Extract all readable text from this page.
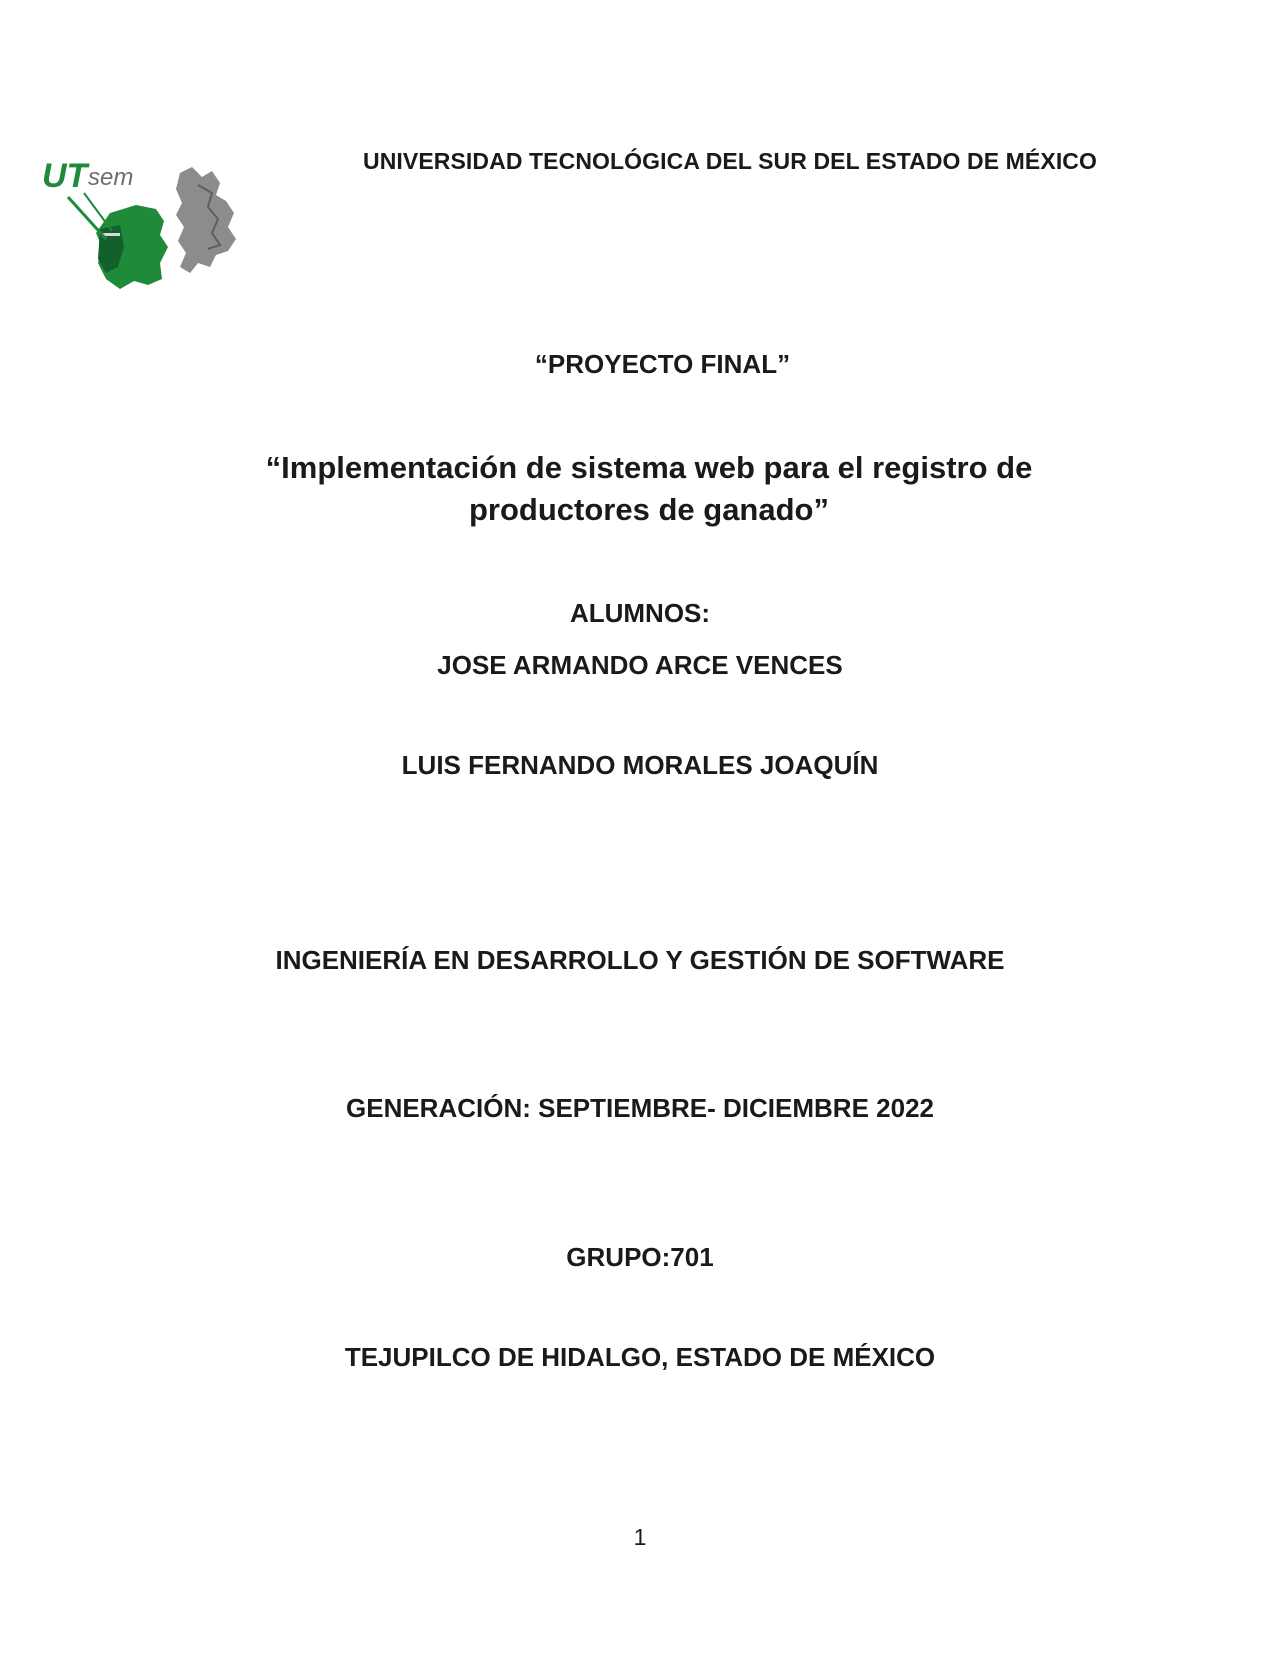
UT sem
UNIVERSIDAD TECNOLÓGICA DEL SUR DEL ESTADO DE MÉXICO
“PROYECTO FINAL”
“Implementación de sistema web para el registro de
productores de ganado”
ALUMNOS:
JOSE ARMANDO ARCE VENCES
LUIS FERNANDO MORALES JOAQUÍN
INGENIERÍA EN DESARROLLO Y GESTIÓN DE SOFTWARE
GENERACIÓN: SEPTIEMBRE- DICIEMBRE 2022
GRUPO:701
TEJUPILCO DE HIDALGO, ESTADO DE MÉXICO
1
